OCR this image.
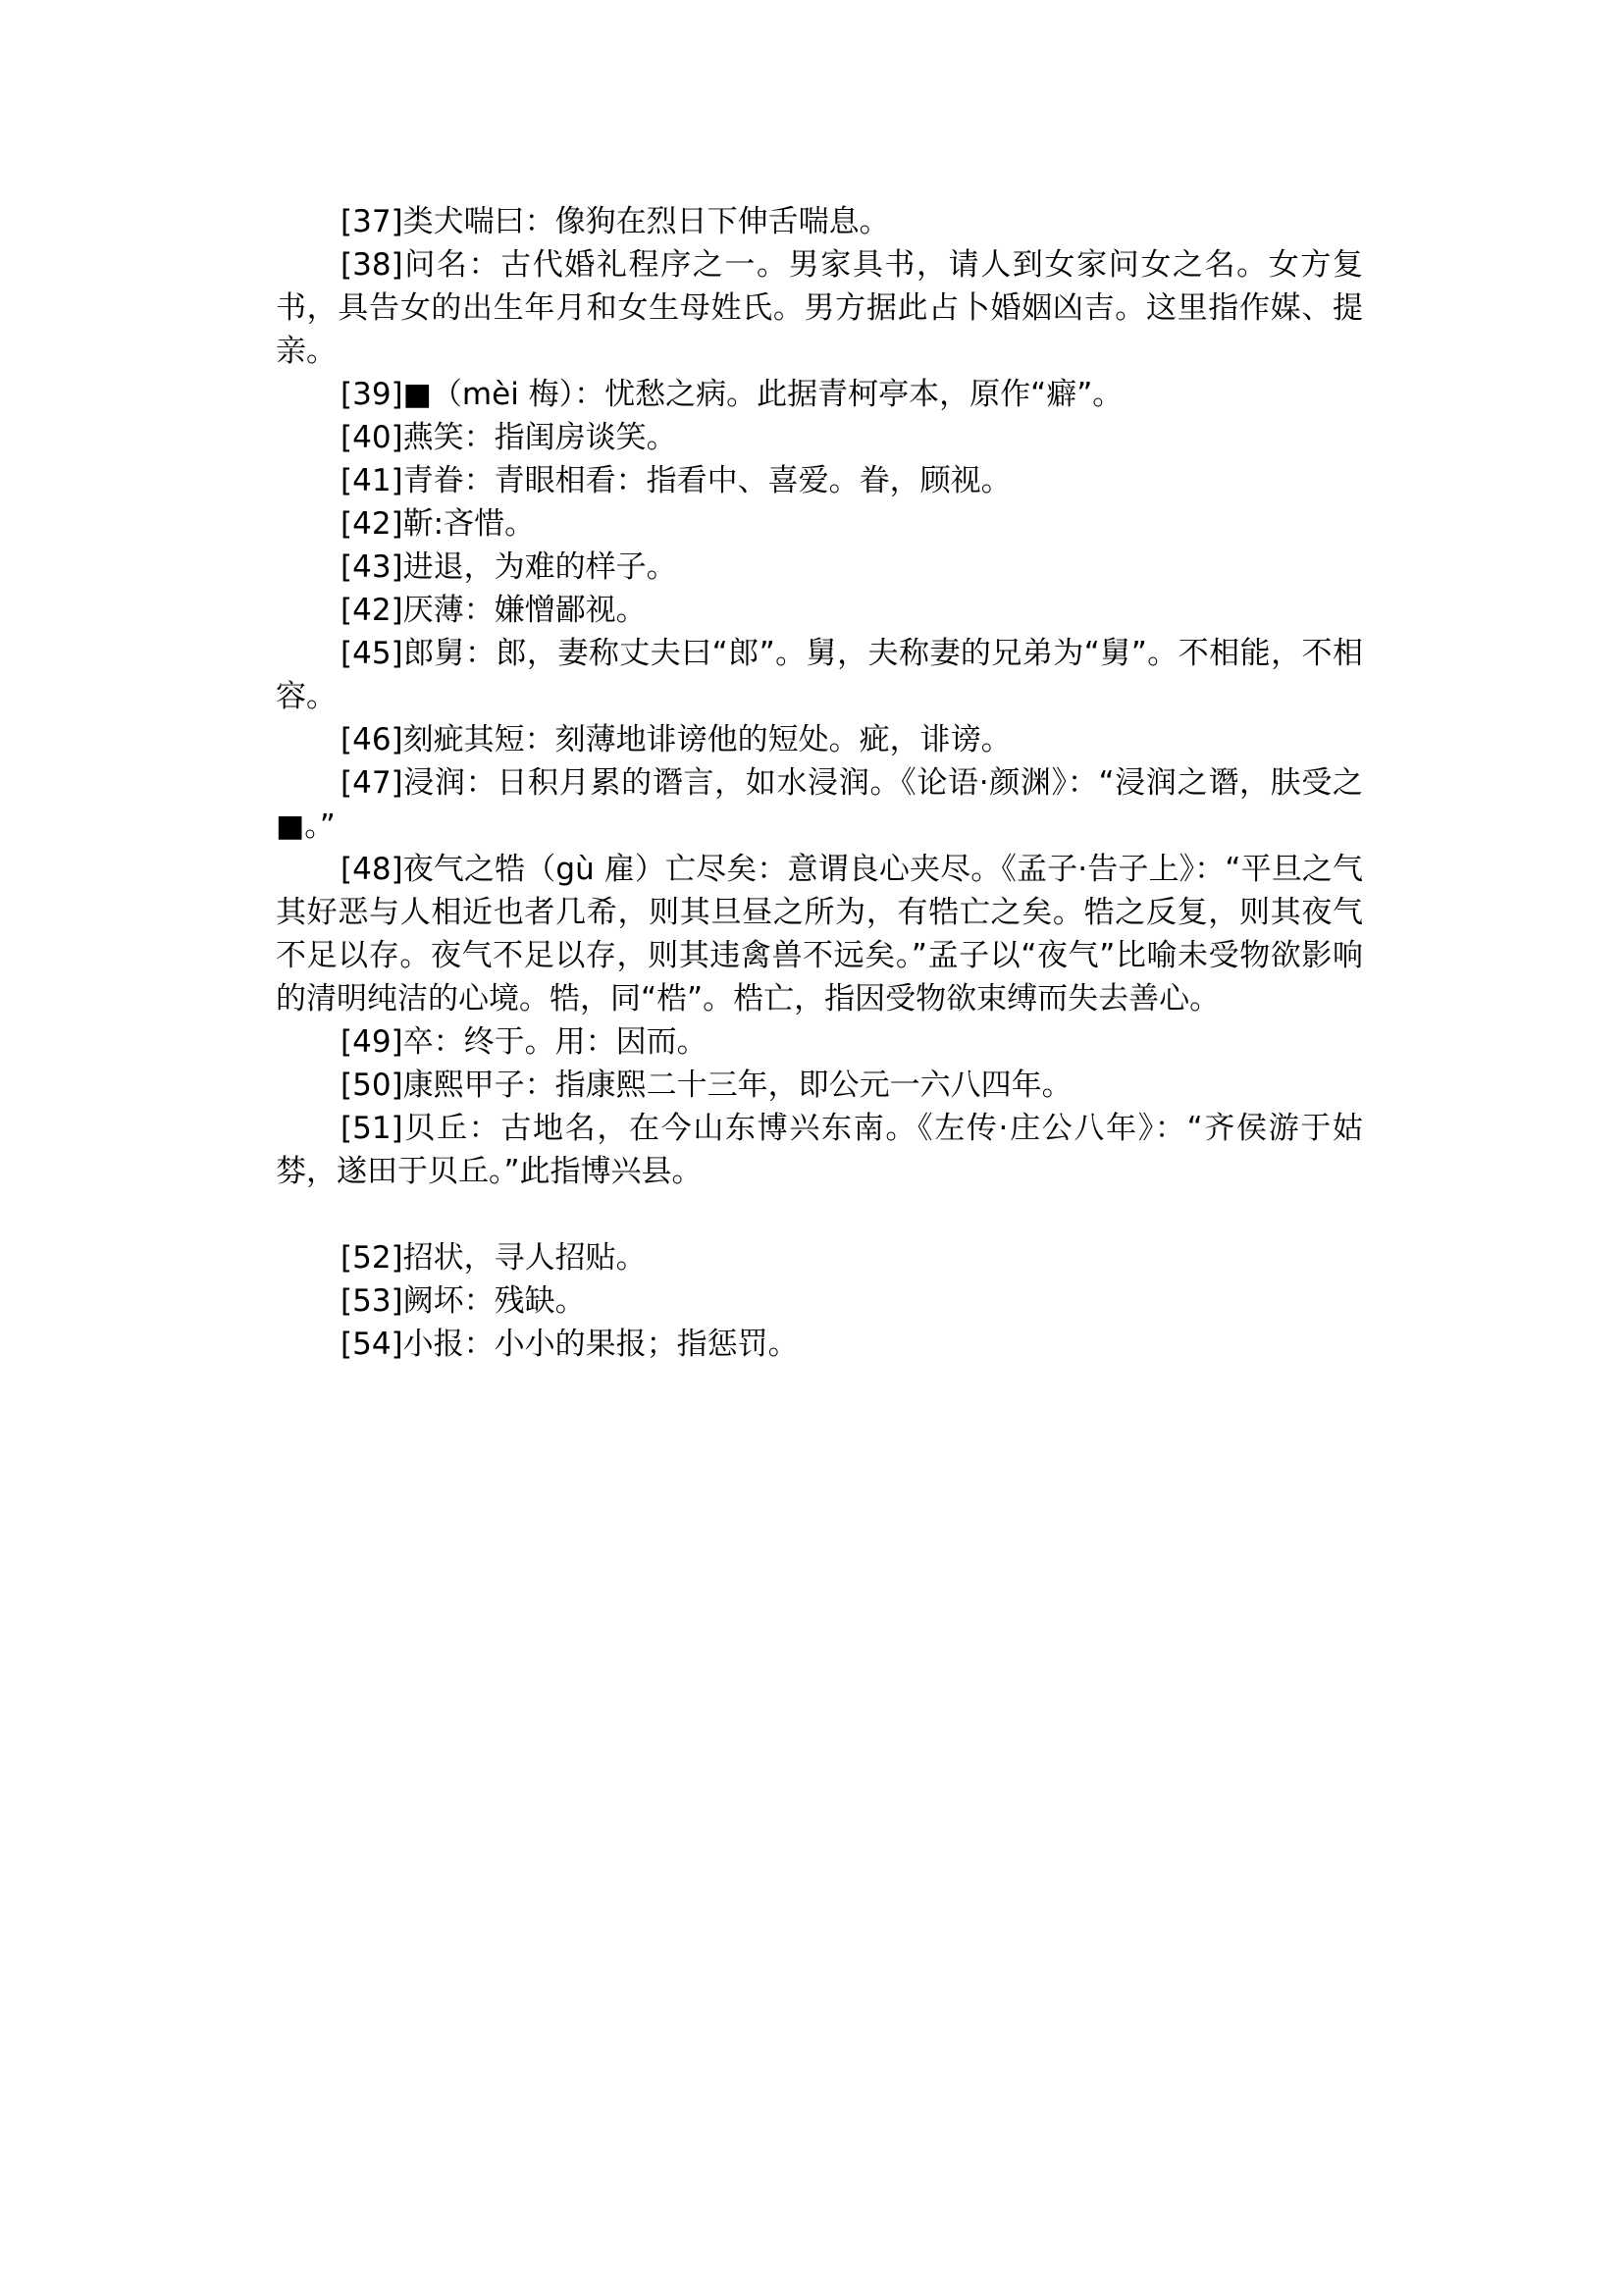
[37]类犬喘曰：像狗在烈日下伸舌喘息。

[38]问名：古代婚礼程序之一。男家具书，请人到女家问女之名。女方复书，具告女的出生年月和女生母姓氏。男方据此占卜婚姻凶吉。这里指作媒、提亲。

[39]■（mèi 梅）：忧愁之病。此据青柯亭本，原作“癖”。

[40]燕笑：指闺房谈笑。

[41]青眷：青眼相看：指看中、喜爱。眷，顾视。

[42]靳:吝惜。

[43]进退，为难的样子。

[42]厌薄：嫌憎鄙视。

[45]郎舅：郎，妻称丈夫曰“郎”。舅，夫称妻的兄弟为“舅”。不相能，不相容。

[46]刻疵其短：刻薄地诽谤他的短处。疵，诽谤。

[47]浸润：日积月累的谮言，如水浸润。《论语·颜渊》：“浸润之谮，肤受之■。”

[48]夜气之牿（gù 雇）亡尽矣：意谓良心夹尽。《孟子·告子上》：“平旦之气其好恶与人相近也者几希，则其旦昼之所为，有牿亡之矣。牿之反复，则其夜气不足以存。夜气不足以存，则其违禽兽不远矣。”孟子以“夜气”比喻未受物欲影响的清明纯洁的心境。牿，同“梏”。梏亡，指因受物欲束缚而失去善心。

[49]卒：终于。用：因而。

[50]康熙甲子：指康熙二十三年，即公元一六八四年。

[51]贝丘：古地名，在今山东博兴东南。《左传·庄公八年》：“齐侯游于姑棼，遂田于贝丘。”此指博兴县。

[52]招状，寻人招贴。

[53]阙坏：残缺。

[54]小报：小小的果报；指惩罚。
